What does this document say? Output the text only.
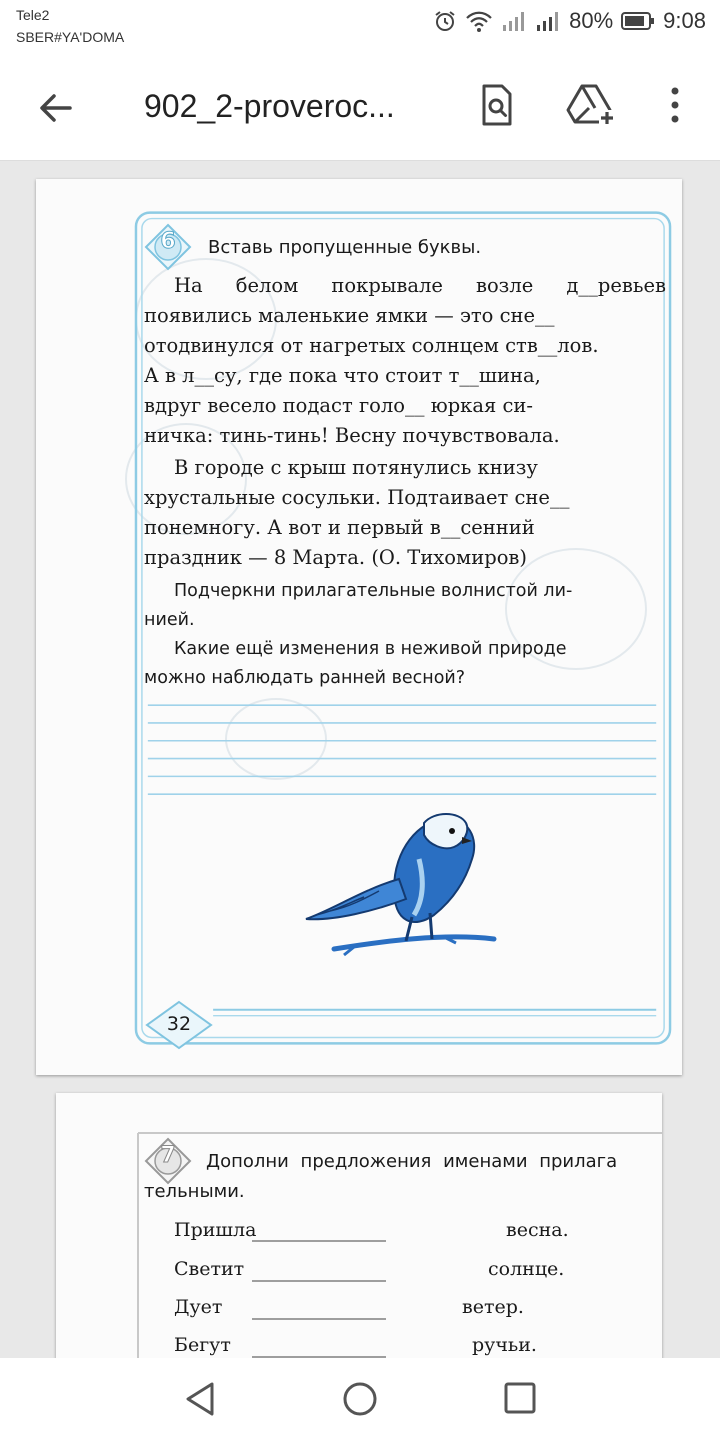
Tele2
SBER#YA'DOMA
80% 9:08
902_2-proveroc...
6	Вставь пропущенные буквы.
На белом покрывале возле д__ревьев
появились маленькие ямки — это сне__
отодвинулся от нагретых солнцем ств__лов.
А в л__су, где пока что стоит т__шина,
вдруг весело подаст голо__ юркая си-
ничка: тинь-тинь! Весну почувствовала.
В городе с крыш потянулись книзу
хрустальные сосульки. Подтаивает сне__
понемногу. А вот и первый в__сенний
праздник — 8 Марта. (О. Тихомиров)
Подчеркни прилагательные волнистой ли-
нией.
Какие ещё изменения в неживой природе
можно наблюдать ранней весной?
32
7	Дополни предложения именами прилага
тельными.
Пришла	весна.
Светит	солнце.
Дует	ветер.
Бегут	ручьи.
